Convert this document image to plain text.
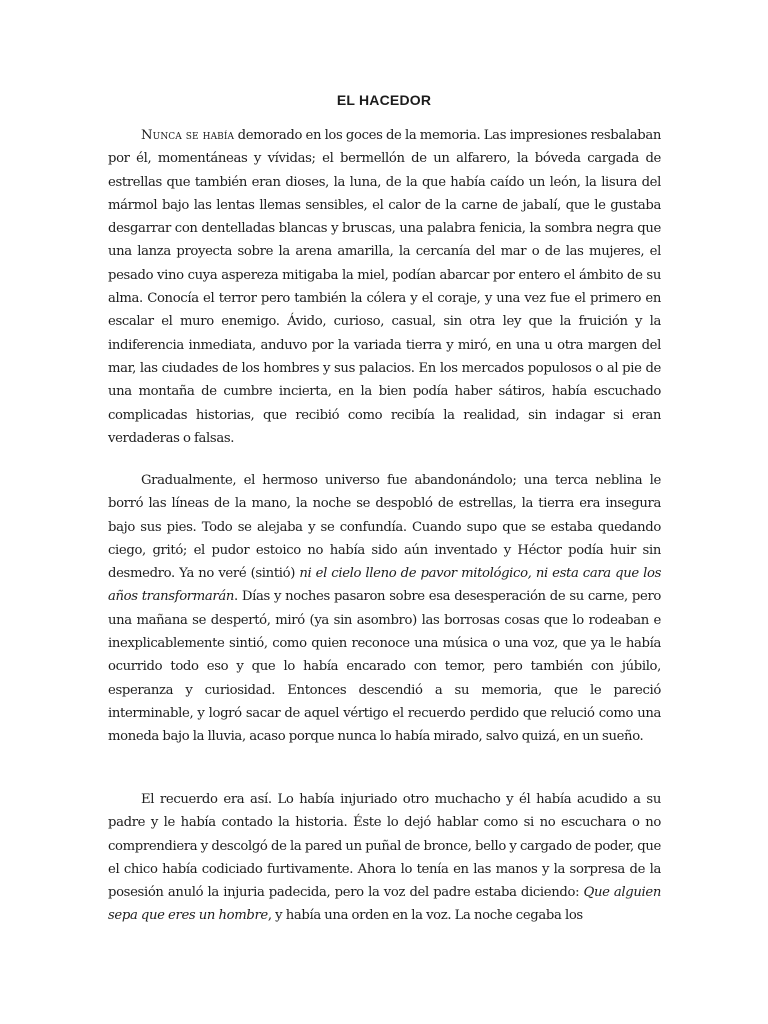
EL HACEDOR

Nunca se había demorado en los goces de la memoria. Las impresiones resbalaban por él, momentáneas y vívidas; el bermellón de un alfarero, la bóveda cargada de estrellas que también eran dioses, la luna, de la que había caído un león, la lisura del mármol bajo las lentas llemas sensibles, el calor de la carne de jabalí, que le gustaba desgarrar con dentelladas blancas y bruscas, una palabra fenicia, la sombra negra que una lanza proyecta sobre la arena amarilla, la cercanía del mar o de las mujeres, el pesado vino cuya aspereza mitigaba la miel, podían abarcar por entero el ámbito de su alma. Conocía el terror pero también la cólera y el coraje, y una vez fue el primero en escalar el muro enemigo. Ávido, curioso, casual, sin otra ley que la fruición y la indiferencia inmediata, anduvo por la variada tierra y miró, en una u otra margen del mar, las ciudades de los hombres y sus palacios. En los mercados populosos o al pie de una montaña de cumbre incierta, en la bien podía haber sátiros, había escuchado complicadas historias, que recibió como recibía la realidad, sin indagar si eran verdaderas o falsas.

Gradualmente, el hermoso universo fue abandonándolo; una terca neblina le borró las líneas de la mano, la noche se despobló de estrellas, la tierra era insegura bajo sus pies. Todo se alejaba y se confundía. Cuando supo que se estaba quedando ciego, gritó; el pudor estoico no había sido aún inventado y Héctor podía huir sin desmedro. Ya no veré (sintió) ni el cielo lleno de pavor mitológico, ni esta cara que los años transformarán. Días y noches pasaron sobre esa desesperación de su carne, pero una mañana se despertó, miró (ya sin asombro) las borrosas cosas que lo rodeaban e inexplicablemente sintió, como quien reconoce una música o una voz, que ya le había ocurrido todo eso y que lo había encarado con temor, pero también con júbilo, esperanza y curiosidad. Entonces descendió a su memoria, que le pareció interminable, y logró sacar de aquel vértigo el recuerdo perdido que relució como una moneda bajo la lluvia, acaso porque nunca lo había mirado, salvo quizá, en un sueño.

El recuerdo era así. Lo había injuriado otro muchacho y él había acudido a su padre y le había contado la historia. Éste lo dejó hablar como si no escuchara o no comprendiera y descolgó de la pared un puñal de bronce, bello y cargado de poder, que el chico había codiciado furtivamente. Ahora lo tenía en las manos y la sorpresa de la posesión anuló la injuria padecida, pero la voz del padre estaba diciendo: Que alguien sepa que eres un hombre, y había una orden en la voz. La noche cegaba los
